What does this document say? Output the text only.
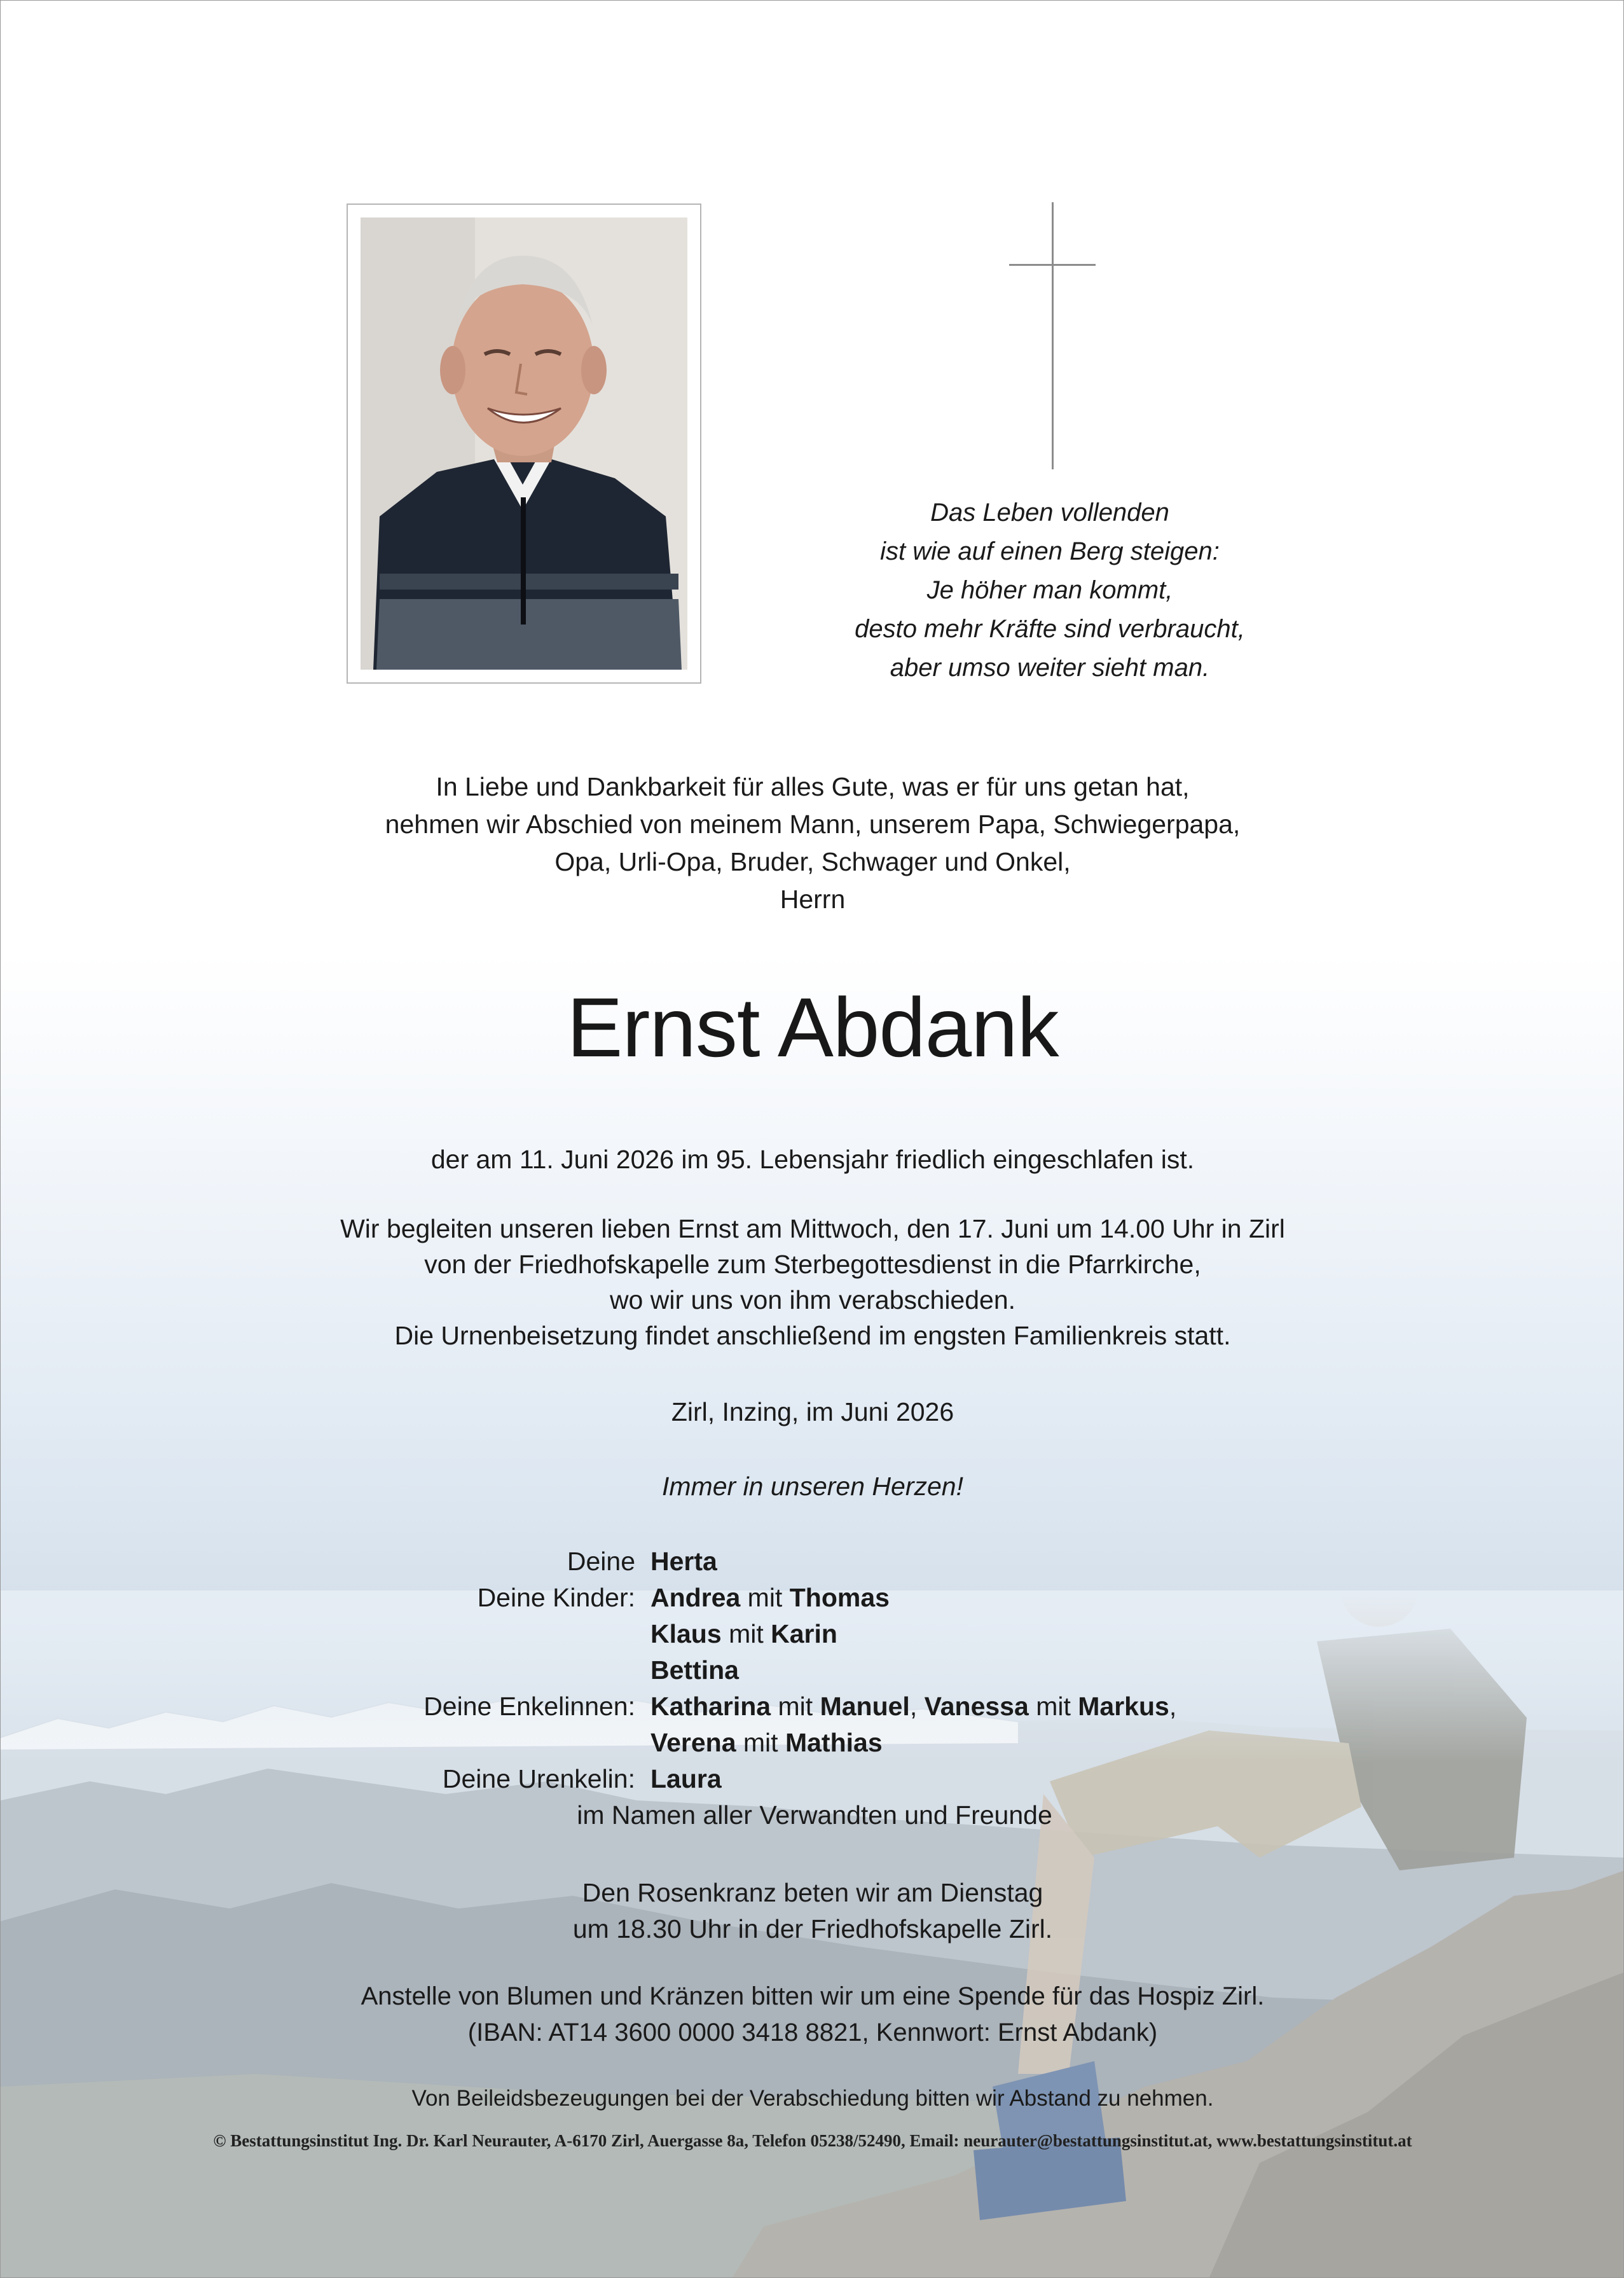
Das Leben vollenden
ist wie auf einen Berg steigen:
Je höher man kommt,
desto mehr Kräfte sind verbraucht,
aber umso weiter sieht man.

In Liebe und Dankbarkeit für alles Gute, was er für uns getan hat,
nehmen wir Abschied von meinem Mann, unserem Papa, Schwiegerpapa,
Opa, Urli-Opa, Bruder, Schwager und Onkel,
Herrn

Ernst Abdank

der am 11. Juni 2026 im 95. Lebensjahr friedlich eingeschlafen ist.

Wir begleiten unseren lieben Ernst am Mittwoch, den 17. Juni um 14.00 Uhr in Zirl
von der Friedhofskapelle zum Sterbegottesdienst in die Pfarrkirche,
wo wir uns von ihm verabschieden.
Die Urnenbeisetzung findet anschließend im engsten Familienkreis statt.

Zirl, Inzing, im Juni 2026

Immer in unseren Herzen!

Deine Herta
Deine Kinder: Andrea mit Thomas
Klaus mit Karin
Bettina
Deine Enkelinnen: Katharina mit Manuel, Vanessa mit Markus,
Verena mit Mathias
Deine Urenkelin: Laura
im Namen aller Verwandten und Freunde

Den Rosenkranz beten wir am Dienstag
um 18.30 Uhr in der Friedhofskapelle Zirl.

Anstelle von Blumen und Kränzen bitten wir um eine Spende für das Hospiz Zirl.
(IBAN: AT14 3600 0000 3418 8821, Kennwort: Ernst Abdank)

Von Beileidsbezeugungen bei der Verabschiedung bitten wir Abstand zu nehmen.

© Bestattungsinstitut Ing. Dr. Karl Neurauter, A-6170 Zirl, Auergasse 8a, Telefon 05238/52490, Email: neurauter@bestattungsinstitut.at, www.bestattungsinstitut.at
